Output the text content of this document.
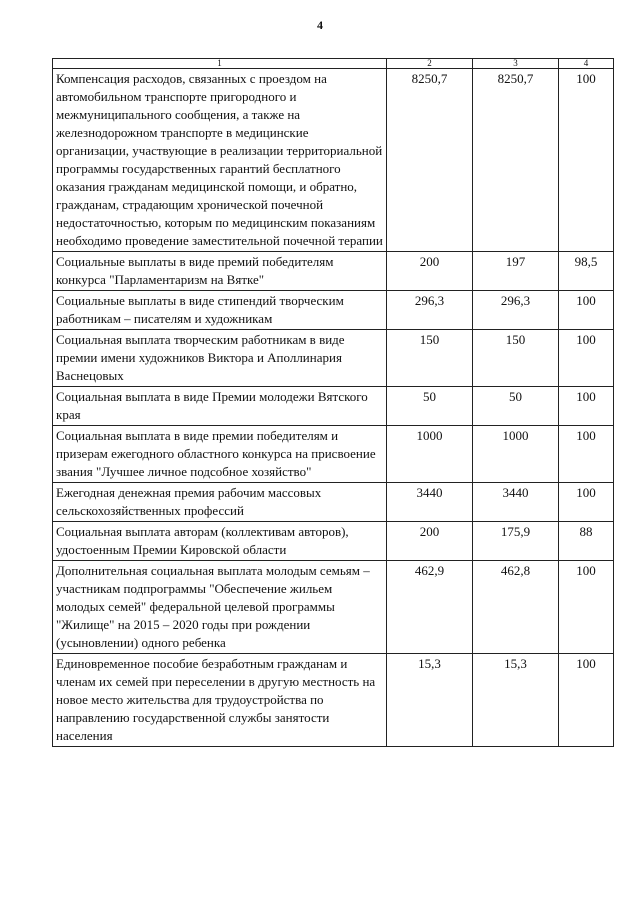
4
1	2	3	4
Компенсация расходов, связанных с проездом на автомобильном транспорте пригородного и межмуниципального сообщения, а также на железнодорожном транспорте в медицинские организации, участвующие в реализации территориальной программы государственных гарантий бесплатного оказания гражданам медицинской помощи, и обратно, гражданам, страдающим хронической почечной недостаточностью, которым по медицинским показаниям необходимо проведение заместительной почечной терапии	8250,7	8250,7	100
Социальные выплаты в виде премий победителям конкурса "Парламентаризм на Вятке"	200	197	98,5
Социальные выплаты в виде стипендий творческим работникам – писателям и художникам	296,3	296,3	100
Социальная выплата творческим работникам в виде премии имени художников Виктора и Аполлинария Васнецовых	150	150	100
Социальная выплата в виде Премии молодежи Вятского края	50	50	100
Социальная выплата в виде премии победителям и призерам ежегодного областного конкурса на присвоение звания "Лучшее личное подсобное хозяйство"	1000	1000	100
Ежегодная денежная премия рабочим массовых сельскохозяйственных профессий	3440	3440	100
Социальная выплата авторам (коллективам авторов), удостоенным Премии Кировской области	200	175,9	88
Дополнительная социальная выплата молодым семьям – участникам подпрограммы "Обеспечение жильем молодых семей" федеральной целевой программы "Жилище" на 2015 – 2020 годы при рождении (усыновлении) одного ребенка	462,9	462,8	100
Единовременное пособие безработным гражданам и членам их семей при переселении в другую местность на новое место жительства для трудоустройства по направлению государственной службы занятости населения	15,3	15,3	100
